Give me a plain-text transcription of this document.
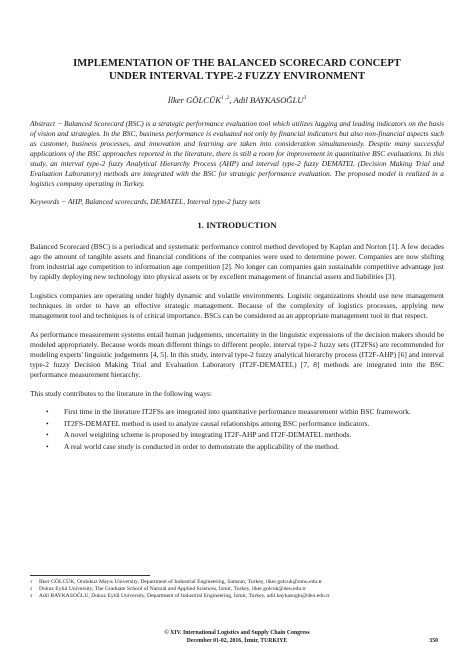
IMPLEMENTATION OF THE BALANCED SCORECARD CONCEPT
UNDER INTERVAL TYPE-2 FUZZY ENVIRONMENT
İlker GÖLCÜK$^{1 ,2}$, Adil BAYKASOĞLU$^3$
Abstract − Balanced Scorecard (BSC) is a strategic performance evaluation tool which utilizes lagging and leading indicators on the basis of vision and strategies. In the BSC, business performance is evaluated not only by financial indicators but also non-financial aspects such as customer, business processes, and innovation and learning are taken into consideration simultaneously. Despite many successful applications of the BSC approaches reported in the literature, there is still a room for improvement in quantitative BSC evaluations. In this study, an interval type-2 fuzzy Analytical Hierarchy Process (AHP) and interval type-2 fuzzy DEMATEL (Decision Making Trial and Evaluation Laboratory) methods are integrated with the BSC for strategic performance evaluation. The proposed model is realized in a logistics company operating in Turkey.
Keywords − AHP, Balanced scorecards, DEMATEL, Interval type-2 fuzzy sets
1. INTRODUCTION
Balanced Scorecard (BSC) is a periodical and systematic performance control method developed by Kaplan and Norton [1]. A few decades ago the amount of tangible assets and financial conditions of the companies were used to determine power. Companies are now shifting from industrial age competition to information age competition [2]. No longer can companies gain sustainable competitive advantage just by rapidly deploying new technology into physical assets or by excellent management of financial assets and liabilities [3].
Logistics companies are operating under highly dynamic and volatile environments. Logistic organizations should use new management techniques in order to have an effective strategic management. Because of the complexity of logistics processes, applying new management tool and techniques is of critical importance. BSCs can be considered as an appropriate management tool in that respect.
As performance measurement systems entail human judgements, uncertainty in the linguistic expressions of the decision makers should be modeled appropriately. Because words mean different things to different people, interval type-2 fuzzy sets (IT2FSs) are recommended for modeling experts' linguistic judgements [4, 5]. In this study, interval type-2 fuzzy analytical hierarchy process (IT2F-AHP) [6] and interval type-2 fuzzy Decision Making Trial and Evaluation Laboratory (IT2F-DEMATEL) [7, 8] methods are integrated into the BSC performance measurement hierarchy.
This study contributes to the literature in the following ways:
• First time in the literature IT2FSs are integrated into quantitative performance measurement within BSC framework.
• IT2FS-DEMATEL method is used to analyze causal relationships among BSC performance indicators.
• A novel weighting scheme is proposed by integrating IT2F-AHP and IT2F-DEMATEL methods.
• A real world case study is conducted in order to demonstrate the applicability of the method.
1 İlker GÖLCÜK, Ondokuz Mayıs University, Department of Industrial Engineering, Samsun, Turkey, ilker.golcuk@omu.edu.tr
2 Dokuz Eylul University, The Graduate School of Natural and Applied Sciences, İzmir, Turkey, ilker.golcuk@deu.edu.tr
3 Adil BAYKASOĞLU, Dokuz Eylül University, Department of Industrial Engineering, İzmir, Turkey, adil.baykasoglu@deu.edu.tr
© XIV. International Logistics and Supply Chain Congress
December 01-02, 2016, İzmir, TURKIYE	350
